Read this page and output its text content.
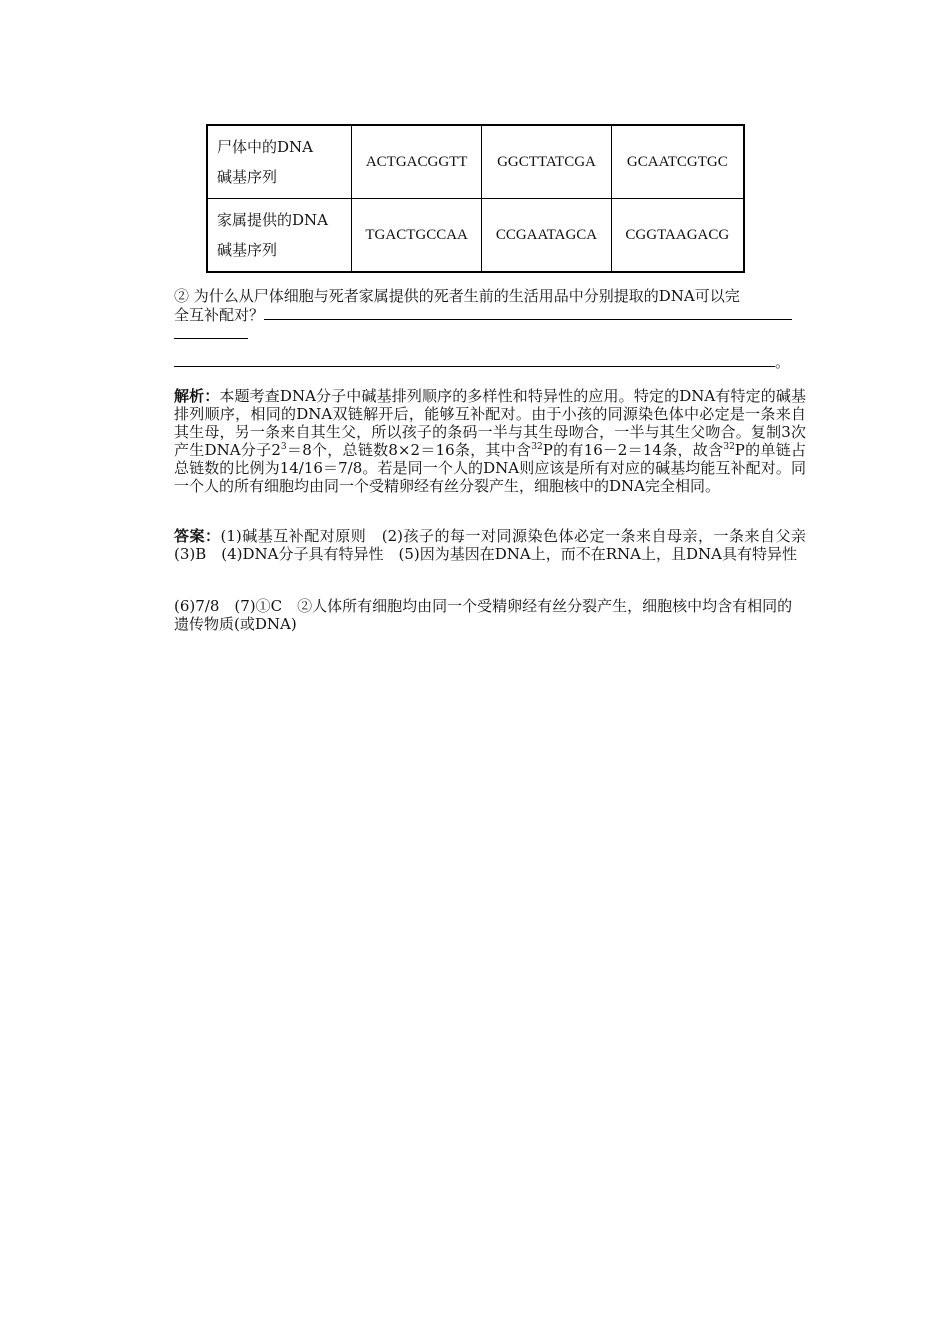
尸体中的DNA
碱基序列	ACTGACGGTT	GGCTTATCGA	GCAATCGTGC

家属提供的DNA
碱基序列	TGACTGCCAA	CCGAATAGCA	CGGTAAGACG
② 为什么从尸体细胞与死者家属提供的死者生前的生活用品中分别提取的DNA可以完
全互补配对？
。
解析：本题考查DNA分子中碱基排列顺序的多样性和特异性的应用。特定的DNA有特定的碱基排列顺序，相同的DNA双链解开后，能够互补配对。由于小孩的同源染色体中必定是一条来自其生母，另一条来自其生父，所以孩子的条码一半与其生母吻合，一半与其生父吻合。复制3次产生DNA分子$2^3=8$个，总链数8×2＝16条，其中含$^{32}$P的有16－2＝14条，故含$^{32}$P的单链占总链数的比例为14/16＝7/8。若是同一个人的DNA则应该是所有对应的碱基均能互补配对。同一个人的所有细胞均由同一个受精卵经有丝分裂产生，细胞核中的DNA完全相同。
答案：(1)碱基互补配对原则　(2)孩子的每一对同源染色体必定一条来自母亲，一条来自父亲　(3)B　(4)DNA分子具有特异性　(5)因为基因在DNA上，而不在RNA上，且DNA具有特异性
(6)7/8　(7)①C　②人体所有细胞均由同一个受精卵经有丝分裂产生，细胞核中均含有相同的遗传物质(或DNA)
